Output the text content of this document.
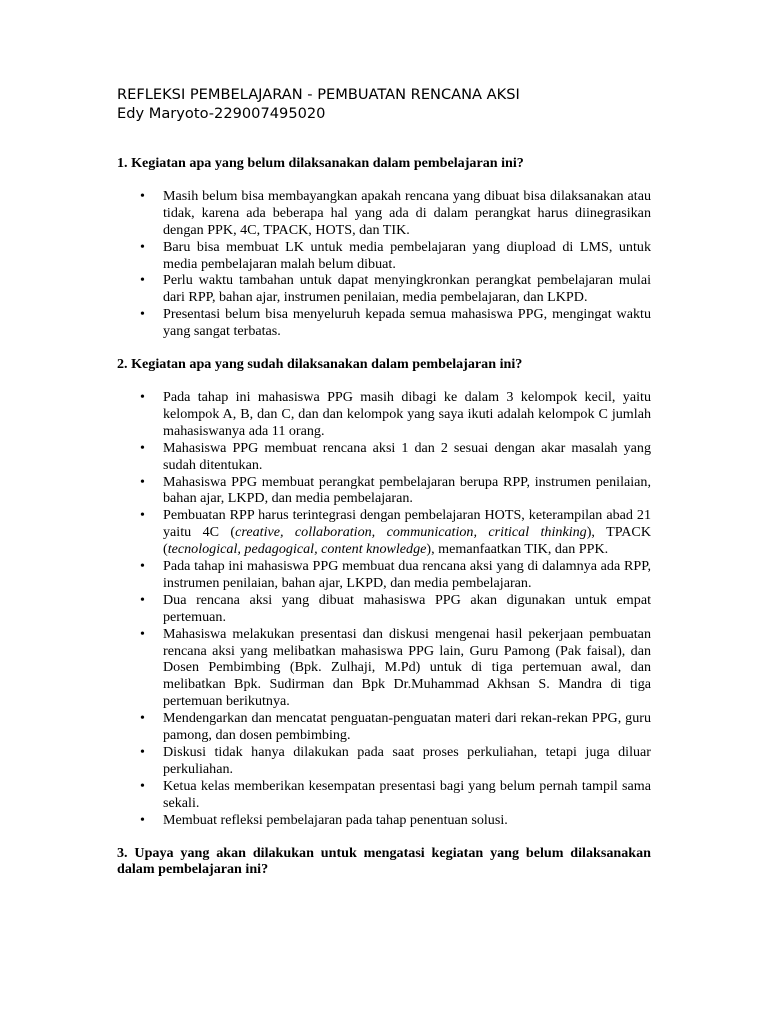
REFLEKSI PEMBELAJARAN - PEMBUATAN RENCANA AKSI
Edy Maryoto-229007495020

1. Kegiatan apa yang belum dilaksanakan dalam pembelajaran ini?

•	Masih belum bisa membayangkan apakah rencana yang dibuat bisa dilaksanakan atau tidak, karena ada beberapa hal yang ada di dalam perangkat harus diinegrasikan dengan PPK, 4C, TPACK, HOTS, dan TIK.
•	Baru bisa membuat LK untuk media pembelajaran yang diupload di LMS, untuk media pembelajaran malah belum dibuat.
•	Perlu waktu tambahan untuk dapat menyingkronkan perangkat pembelajaran mulai dari RPP, bahan ajar, instrumen penilaian, media pembelajaran, dan LKPD.
•	Presentasi belum bisa menyeluruh kepada semua mahasiswa PPG, mengingat waktu yang sangat terbatas.

2. Kegiatan apa yang sudah dilaksanakan dalam pembelajaran ini?

•	Pada tahap ini mahasiswa PPG masih dibagi ke dalam 3 kelompok kecil, yaitu kelompok A, B, dan C, dan dan kelompok yang saya ikuti adalah kelompok C jumlah mahasiswanya ada 11 orang.
•	Mahasiswa PPG membuat rencana aksi 1 dan 2 sesuai dengan akar masalah yang sudah ditentukan.
•	Mahasiswa PPG membuat perangkat pembelajaran berupa RPP, instrumen penilaian, bahan ajar, LKPD, dan media pembelajaran.
•	Pembuatan RPP harus terintegrasi dengan pembelajaran HOTS, keterampilan abad 21 yaitu 4C (creative, collaboration, communication, critical thinking), TPACK (tecnological, pedagogical, content knowledge), memanfaatkan TIK, dan PPK.
•	Pada tahap ini mahasiswa PPG membuat dua rencana aksi yang di dalamnya ada RPP, instrumen penilaian, bahan ajar, LKPD, dan media pembelajaran.
•	Dua rencana aksi yang dibuat mahasiswa PPG akan digunakan untuk empat pertemuan.
•	Mahasiswa melakukan presentasi dan diskusi mengenai hasil pekerjaan pembuatan rencana aksi yang melibatkan mahasiswa PPG lain, Guru Pamong (Pak faisal), dan Dosen Pembimbing (Bpk. Zulhaji, M.Pd) untuk di tiga pertemuan awal, dan melibatkan Bpk. Sudirman dan Bpk Dr.Muhammad Akhsan S. Mandra di tiga pertemuan berikutnya.
•	Mendengarkan dan mencatat penguatan-penguatan materi dari rekan-rekan PPG, guru pamong, dan dosen pembimbing.
•	Diskusi tidak hanya dilakukan pada saat proses perkuliahan, tetapi juga diluar perkuliahan.
•	Ketua kelas memberikan kesempatan presentasi bagi yang belum pernah tampil sama sekali.
•	Membuat refleksi pembelajaran pada tahap penentuan solusi.

3. Upaya yang akan dilakukan untuk mengatasi kegiatan yang belum dilaksanakan dalam pembelajaran ini?
